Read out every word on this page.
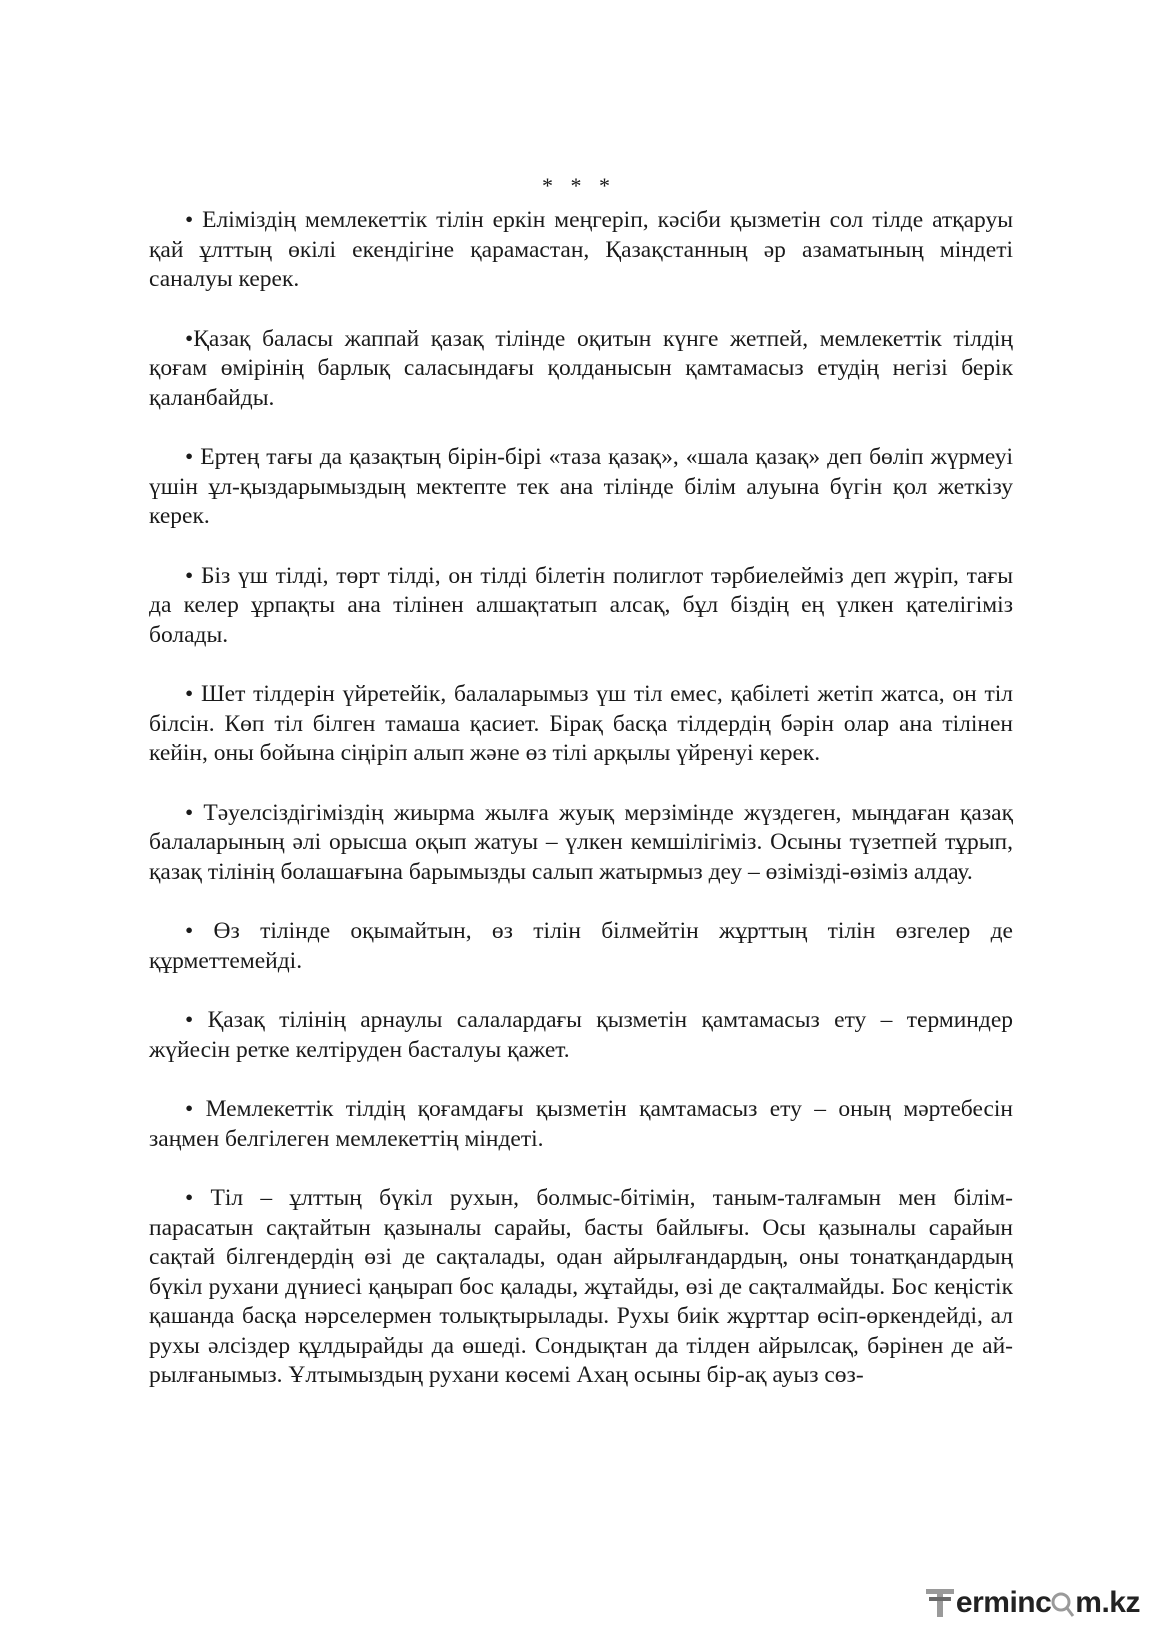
* * *

• Еліміздің мемлекеттік тілін еркін меңгеріп, кәсіби қызметін сол тілде атқаруы қай ұлттың өкілі екендігіне қарамастан, Қазақстанның әр азаматының міндеті саналуы керек.

•Қазақ баласы жаппай қазақ тілінде оқитын күнге жетпей, мемлекеттік тілдің қоғам өмірінің барлық саласындағы қолданысын қамтамасыз етудің негізі берік қаланбайды.

• Ертең тағы да қазақтың бірін-бірі «таза қазақ», «шала қазақ» деп бөліп жүрмеуі үшін ұл-қыздарымыздың мектепте тек ана тілінде білім алуына бүгін қол жеткізу керек.

• Біз үш тілді, төрт тілді, он тілді білетін полиглот тәрбиелейміз деп жүріп, тағы да келер ұрпақты ана тілінен алшақтатып алсақ, бұл біздің ең үлкен қателігіміз болады.

• Шет тілдерін үйретейік, балаларымыз үш тіл емес, қабілеті жетіп жатса, он тіл білсін. Көп тіл білген тамаша қасиет. Бірақ басқа тілдердің бәрін олар ана тілінен кейін, оны бойына сіңіріп алып және өз тілі арқылы үйренуі керек.

• Тәуелсіздігіміздің жиырма жылға жуық мерзімінде жүздеген, мыңдаған қазақ балаларының әлі орысша оқып жатуы – үлкен кемшілігіміз. Осыны түзетпей тұрып, қазақ тілінің болашағына барымызды салып жатырмыз деу – өзімізді-өзіміз алдау.

• Өз тілінде оқымайтын, өз тілін білмейтін жұрттың тілін өзгелер де құрметтемейді.

• Қазақ тілінің арнаулы салалардағы қызметін қамтамасыз ету – терминдер жүйесін ретке келтіруден басталуы қажет.

• Мемлекеттік тілдің қоғамдағы қызметін қамтамасыз ету – оның мәртебесін заңмен белгілеген мемлекеттің міндеті.

• Тіл – ұлттың бүкіл рухын, болмыс-бітімін, таным-талғамын мен білім-парасатын сақтайтын қазыналы сарайы, басты байлығы. Осы қазыналы сарайын сақтай білгендердің өзі де сақталады, одан айрылғандардың, оны тонатқандардың бүкіл рухани дүниесі қаңырап бос қалады, жұтайды, өзі де сақталмайды. Бос кеңістік қашанда басқа нәрселермен толықтырылады. Рухы биік жұрттар өсіп-өркендейді, ал рухы әлсіздер құлдырайды да өшеді. Сондықтан да тілден айрылсақ, бәрінен де айрылғанымыз. Ұлтымыздың рухани көсемі Ахаң осыны бір-ақ ауыз сөз-

erminc m.kz
